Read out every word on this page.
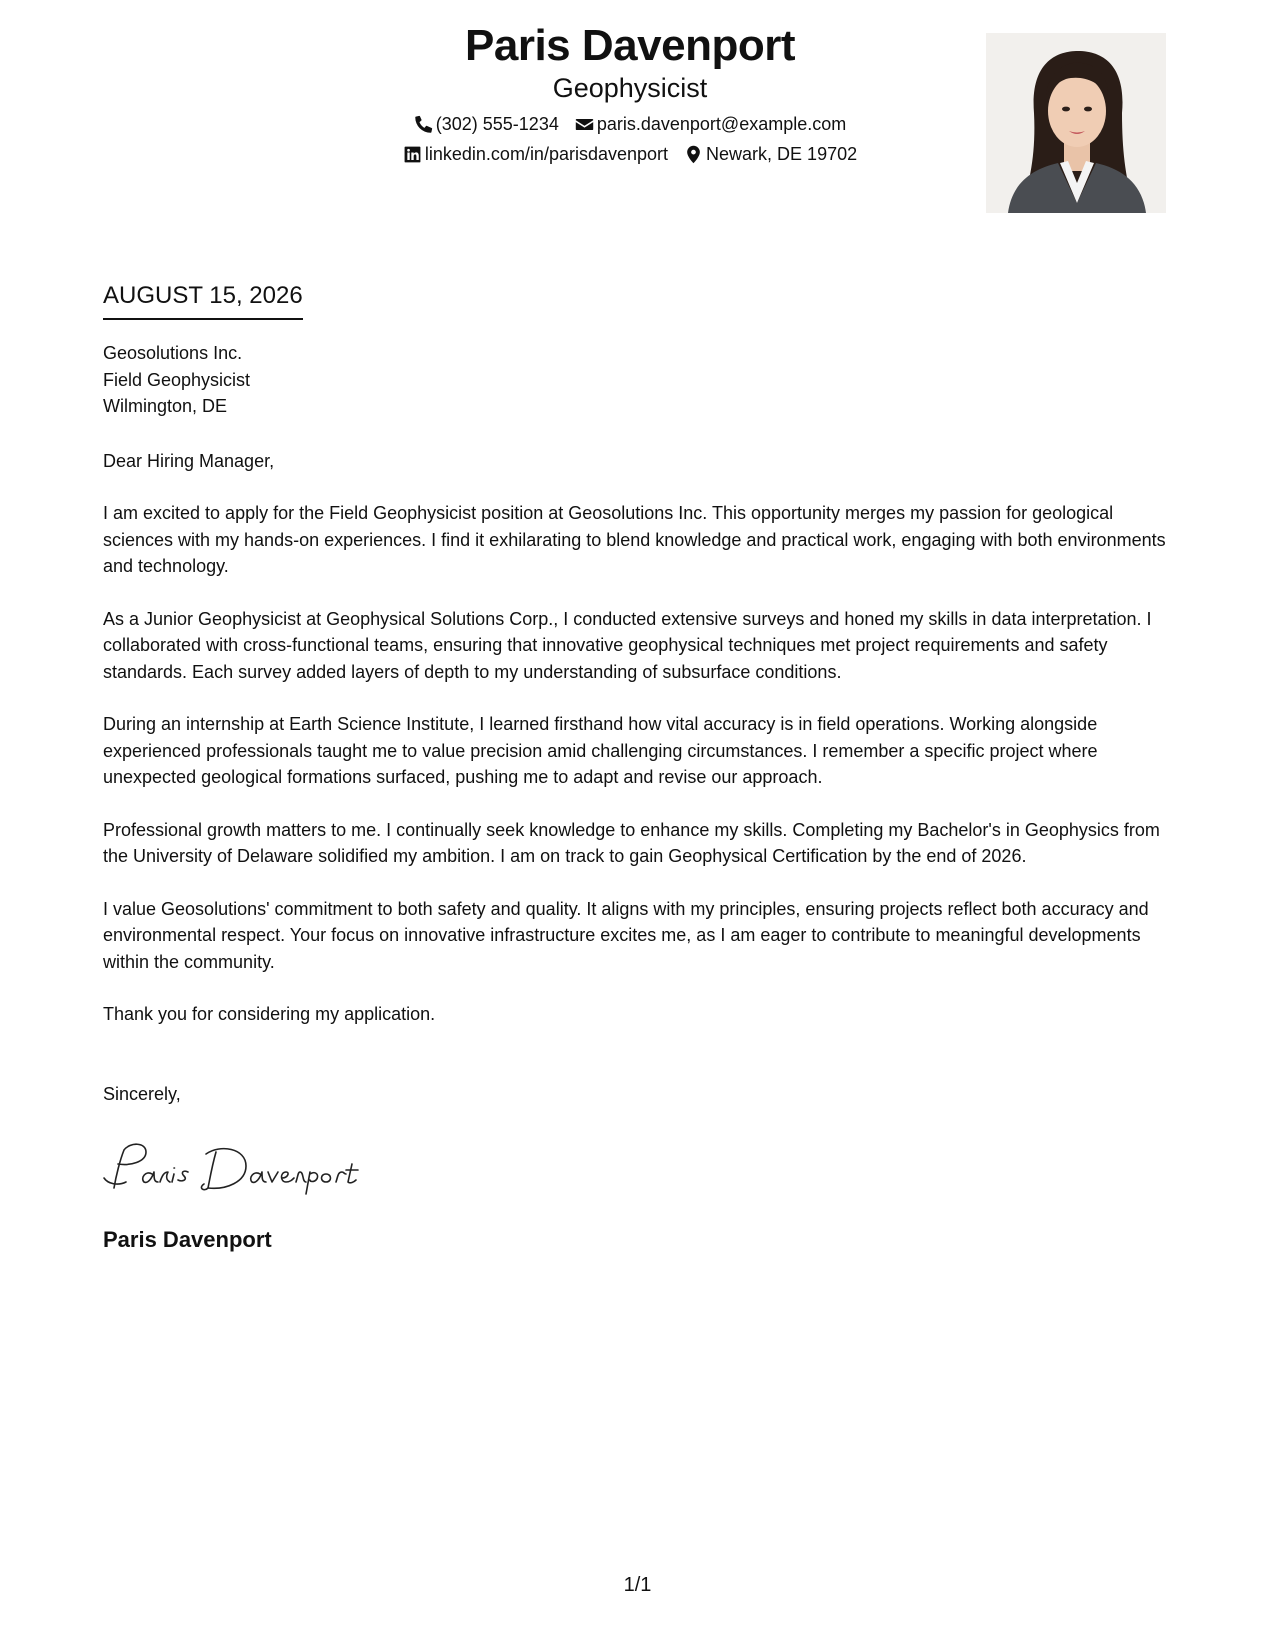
Paris Davenport
Geophysicist
(302) 555-1234 paris.davenport@example.com
linkedin.com/in/parisdavenport Newark, DE 19702
AUGUST 15, 2026

Geosolutions Inc.

Field Geophysicist

Wilmington, DE

Dear Hiring Manager,

I am excited to apply for the Field Geophysicist position at Geosolutions Inc. This opportunity merges my passion for geological sciences with my hands-on experiences. I find it exhilarating to blend knowledge and practical work, engaging with both environments and technology.

As a Junior Geophysicist at Geophysical Solutions Corp., I conducted extensive surveys and honed my skills in data interpretation. I collaborated with cross-functional teams, ensuring that innovative geophysical techniques met project requirements and safety standards. Each survey added layers of depth to my understanding of subsurface conditions.

During an internship at Earth Science Institute, I learned firsthand how vital accuracy is in field operations. Working alongside experienced professionals taught me to value precision amid challenging circumstances. I remember a specific project where unexpected geological formations surfaced, pushing me to adapt and revise our approach.

Professional growth matters to me. I continually seek knowledge to enhance my skills. Completing my Bachelor's in Geophysics from the University of Delaware solidified my ambition. I am on track to gain Geophysical Certification by the end of 2026.

I value Geosolutions' commitment to both safety and quality. It aligns with my principles, ensuring projects reflect both accuracy and environmental respect. Your focus on innovative infrastructure excites me, as I am eager to contribute to meaningful developments within the community.

Thank you for considering my application.

Sincerely,

Paris Davenport
1/1
